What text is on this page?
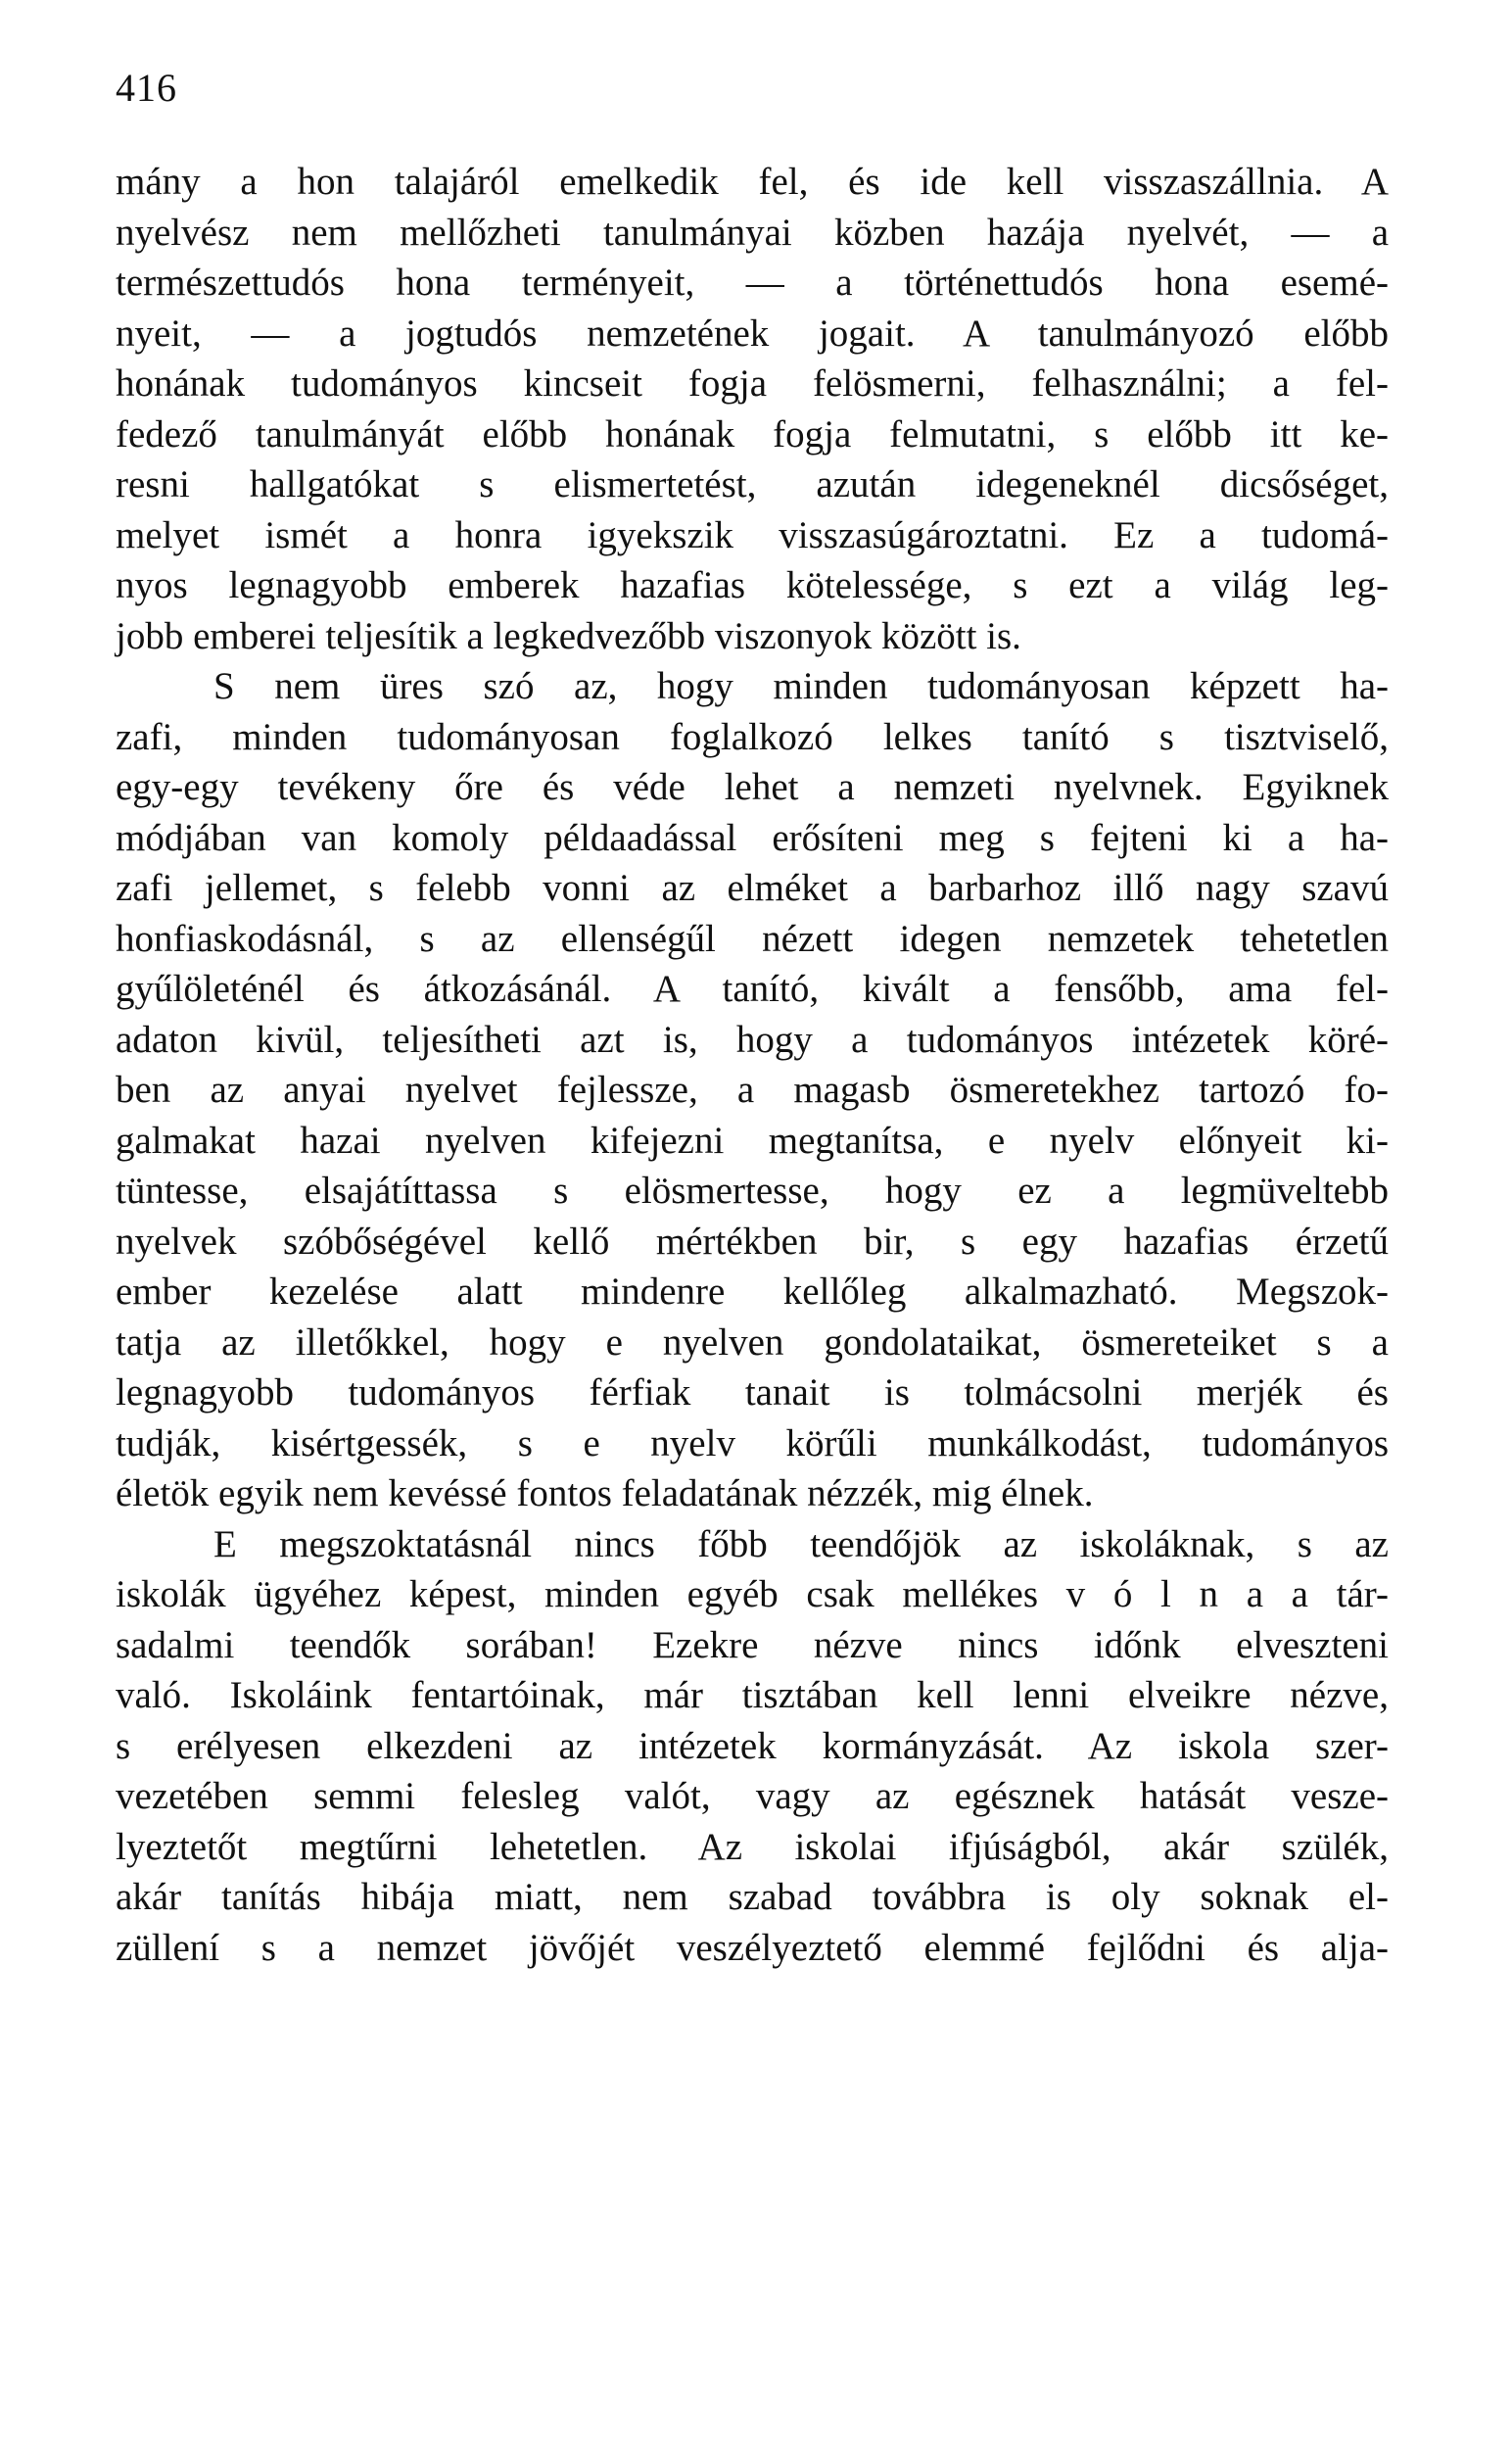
416
mány a hon talajáról emelkedik fel, és ide kell visszaszállnia. A
nyelvész nem mellőzheti tanulmányai közben hazája nyelvét, — a
természettudós hona terményeit, — a történettudós hona esemé-
nyeit, — a jogtudós nemzetének jogait. A tanulmányozó előbb
honának tudományos kincseit fogja felösmerni, felhasználni; a fel-
fedező tanulmányát előbb honának fogja felmutatni, s előbb itt ke-
resni hallgatókat s elismertetést, azután idegeneknél dicsőséget,
melyet ismét a honra igyekszik visszasúgároztatni. Ez a tudomá-
nyos legnagyobb emberek hazafias kötelessége, s ezt a világ leg-
jobb emberei teljesítik a legkedvezőbb viszonyok között is.
S nem üres szó az, hogy minden tudományosan képzett ha-
zafi, minden tudományosan foglalkozó lelkes tanító s tisztviselő,
egy-egy tevékeny őre és véde lehet a nemzeti nyelvnek. Egyiknek
módjában van komoly példaadással erősíteni meg s fejteni ki a ha-
zafi jellemet, s felebb vonni az elméket a barbarhoz illő nagy szavú
honfiaskodásnál, s az ellenségűl nézett idegen nemzetek tehetetlen
gyűlöleténél és átkozásánál. A tanító, kivált a fensőbb, ama fel-
adaton kivül, teljesítheti azt is, hogy a tudományos intézetek köré-
ben az anyai nyelvet fejlessze, a magasb ösmeretekhez tartozó fo-
galmakat hazai nyelven kifejezni megtanítsa, e nyelv előnyeit ki-
tüntesse, elsajátíttassa s elösmertesse, hogy ez a legmüveltebb
nyelvek szóbőségével kellő mértékben bir, s egy hazafias érzetű
ember kezelése alatt mindenre kellőleg alkalmazható. Megszok-
tatja az illetőkkel, hogy e nyelven gondolataikat, ösmereteiket s a
legnagyobb tudományos férfiak tanait is tolmácsolni merjék és
tudják, kisértgessék, s e nyelv körűli munkálkodást, tudományos
életök egyik nem kevéssé fontos feladatának nézzék, mig élnek.
E megszoktatásnál nincs főbb teendőjök az iskoláknak, s az
iskolák ügyéhez képest, minden egyéb csak mellékes v ó l n a a tár-
sadalmi teendők sorában! Ezekre nézve nincs időnk elveszteni
való. Iskoláink fentartóinak, már tisztában kell lenni elveikre nézve,
s erélyesen elkezdeni az intézetek kormányzását. Az iskola szer-
vezetében semmi felesleg valót, vagy az egésznek hatását vesze-
lyeztetőt megtűrni lehetetlen. Az iskolai ifjúságból, akár szülék,
akár tanítás hibája miatt, nem szabad továbbra is oly soknak el-
züllení s a nemzet jövőjét veszélyeztető elemmé fejlődni és alja-
